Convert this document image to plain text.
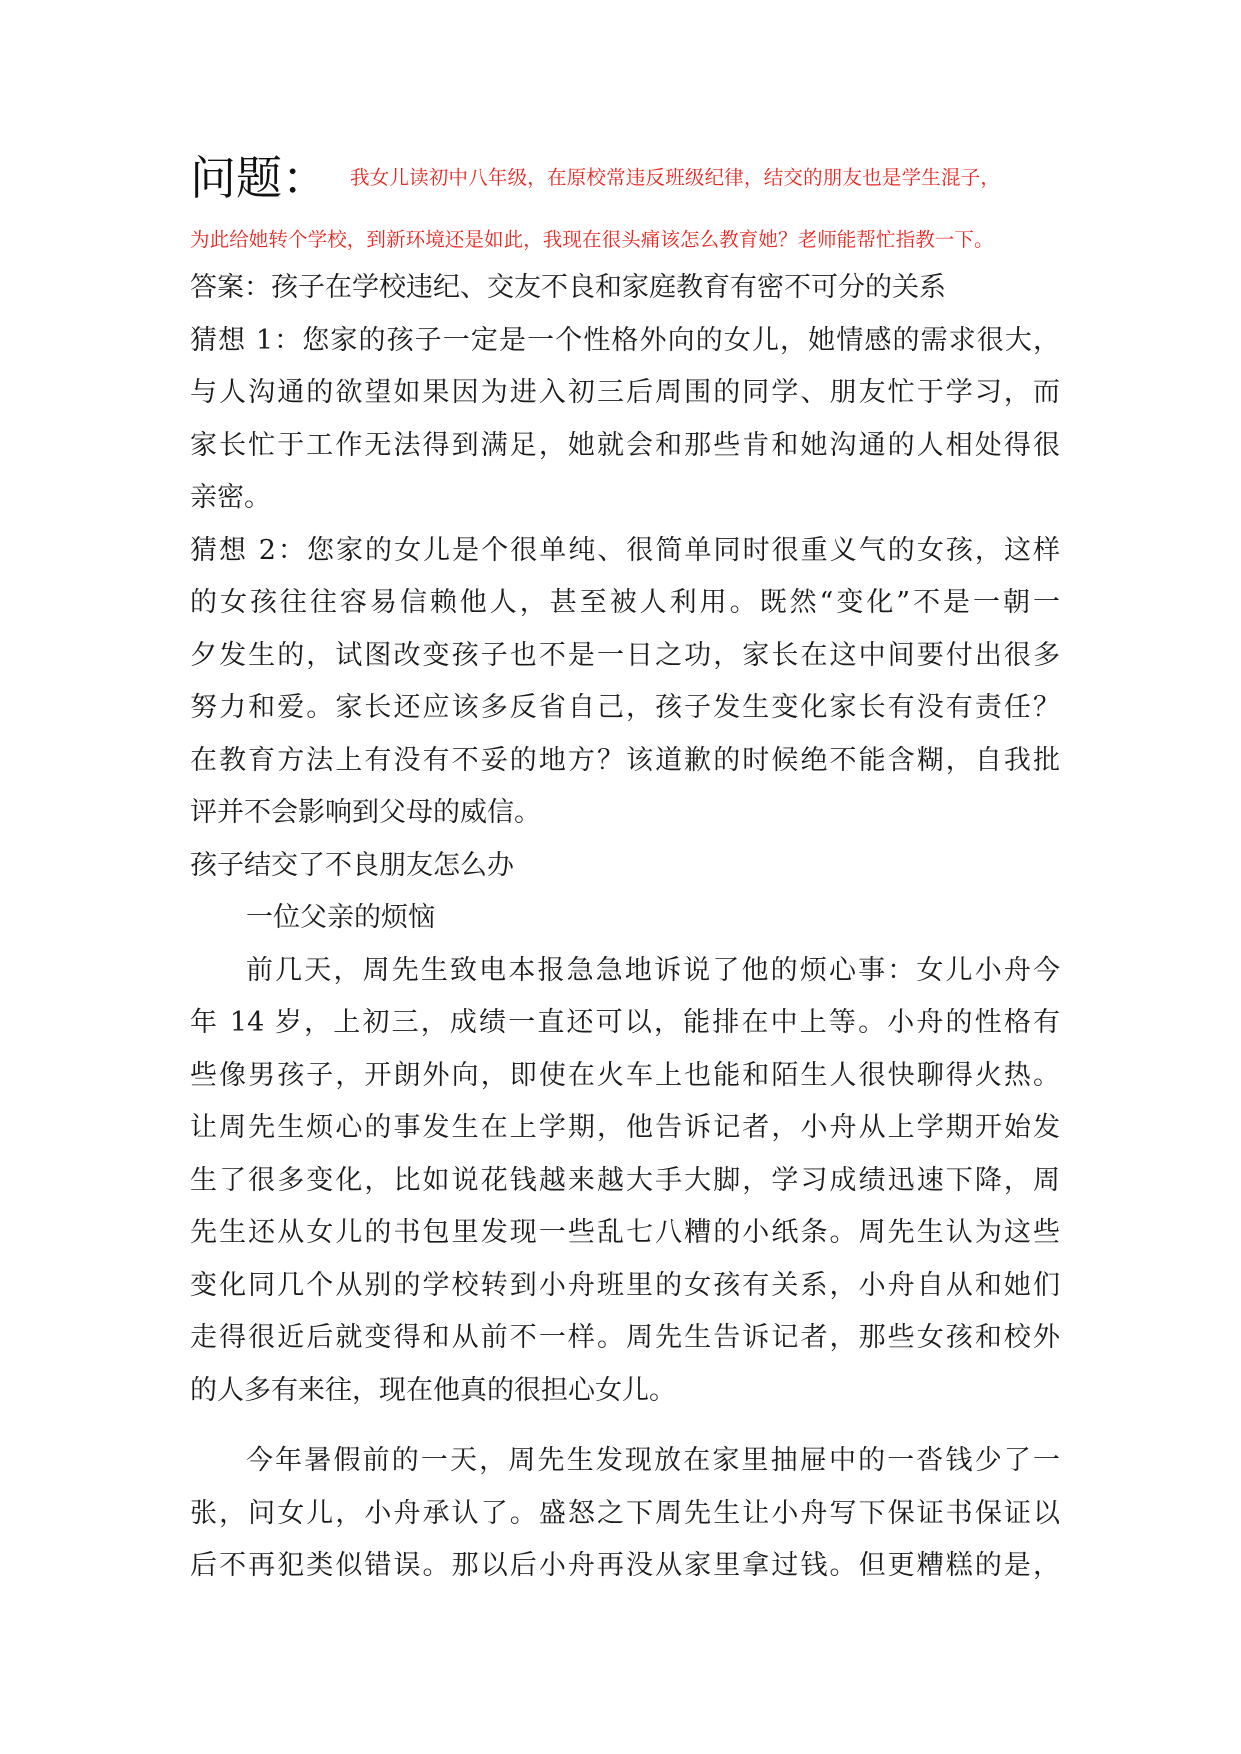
问题： 我女儿读初中八年级，在原校常违反班级纪律，结交的朋友也是学生混子，
为此给她转个学校，到新环境还是如此，我现在很头痛该怎么教育她？老师能帮忙指教一下。
答案：孩子在学校违纪、交友不良和家庭教育有密不可分的关系
猜想 1：您家的孩子一定是一个性格外向的女儿，她情感的需求很大，
与人沟通的欲望如果因为进入初三后周围的同学、朋友忙于学习，而
家长忙于工作无法得到满足，她就会和那些肯和她沟通的人相处得很
亲密。
猜想 2：您家的女儿是个很单纯、很简单同时很重义气的女孩，这样
的女孩往往容易信赖他人，甚至被人利用。既然“变化”不是一朝一
夕发生的，试图改变孩子也不是一日之功，家长在这中间要付出很多
努力和爱。家长还应该多反省自己，孩子发生变化家长有没有责任？
在教育方法上有没有不妥的地方？该道歉的时候绝不能含糊，自我批
评并不会影响到父母的威信。
孩子结交了不良朋友怎么办
一位父亲的烦恼
前几天，周先生致电本报急急地诉说了他的烦心事：女儿小舟今
年 14 岁，上初三，成绩一直还可以，能排在中上等。小舟的性格有
些像男孩子，开朗外向，即使在火车上也能和陌生人很快聊得火热。
让周先生烦心的事发生在上学期，他告诉记者，小舟从上学期开始发
生了很多变化，比如说花钱越来越大手大脚，学习成绩迅速下降，周
先生还从女儿的书包里发现一些乱七八糟的小纸条。周先生认为这些
变化同几个从别的学校转到小舟班里的女孩有关系，小舟自从和她们
走得很近后就变得和从前不一样。周先生告诉记者，那些女孩和校外
的人多有来往，现在他真的很担心女儿。
今年暑假前的一天，周先生发现放在家里抽屉中的一沓钱少了一
张，问女儿，小舟承认了。盛怒之下周先生让小舟写下保证书保证以
后不再犯类似错误。那以后小舟再没从家里拿过钱。但更糟糕的是，
